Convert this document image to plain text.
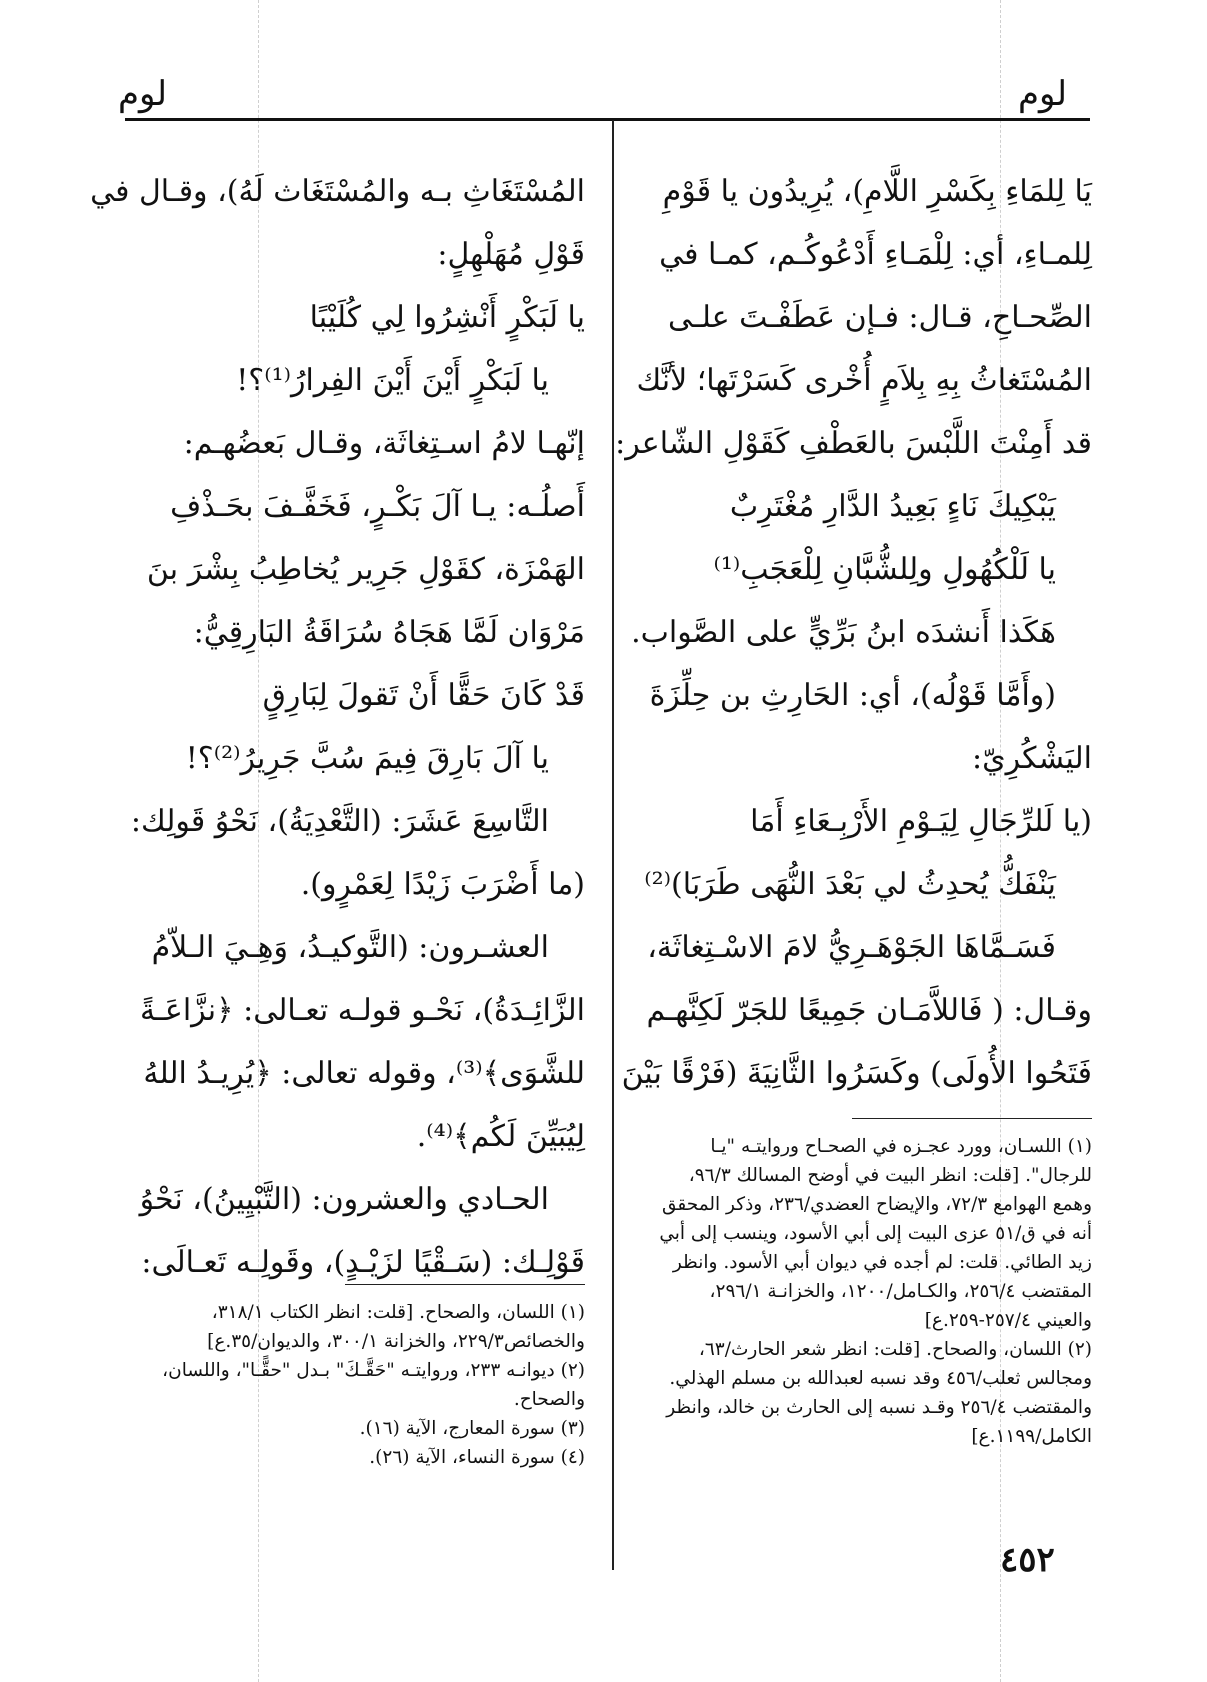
لوم	لوم
يَا لِلمَاءِ بِكَسْرِ اللَّامِ)، يُرِيدُون يا قَوْمِ
لِلمـاءِ، أي: لِلْمَـاءِ أَدْعُوكُـم، كمـا في
الصِّحـاحِ، قـال: فـإن عَطَفْـتَ علـى
المُسْتَغاثُ بِهِ بِلاَمٍ أُخْرى كَسَرْتَها؛ لأنَّك
قد أَمِنْتَ اللَّبْسَ بالعَطْفِ كَقَوْلِ الشّاعر:
يَبْكِيكَ نَاءٍ بَعِيدُ الدَّارِ مُغْتَرِبٌ
يا لَلْكُهُولِ ولِلشُّبَّانِ لِلْعَجَبِ⁽¹⁾
هَكَذا أَنشدَه ابنُ بَرِّيٍّ على الصَّواب.
(وأَمَّا قَوْلُه)، أي: الحَارِثِ بن حِلِّزَةَ
اليَشْكُرِيّ:
(يا لَلرِّجَالِ لِيَـوْمِ الأَرْبِـعَاءِ أَمَا
يَنْفَكُّ يُحدِثُ لي بَعْدَ النُّهَى طَرَبَا)⁽²⁾
فَسَـمَّاهَا الجَوْهَـرِيُّ لامَ الاسْـتِغاثَة،
وقـال: ( فَاللاَّمَـان جَمِيعًا للجَرّ لَكِنَّهـم
فَتَحُوا الأُولَى) وكَسَرُوا الثَّانِيَةَ (فَرْقًا بَيْنَ
(١) اللسـان، وورد عجـزه في الصحـاح وروايتـه "يـا للرجال". [قلت: انظر البيت في أوضح المسالك ٩٦/٣، وهمع الهوامع ٧٢/٣، والإيضاح العضدي/٢٣٦، وذكر المحقق أنه في ق/٥١ عزى البيت إلى أبي الأسود، وينسب إلى أبي زيد الطائي. قلت: لم أجده في ديوان أبي الأسود. وانظر المقتضب ٢٥٦/٤، والكـامل/١٢٠٠، والخزانـة ٢٩٦/١، والعيني ٢٥٧/٤-٢٥٩.ع]
(٢) اللسان، والصحاح. [قلت: انظر شعر الحارث/٦٣، ومجالس ثعلب/٤٥٦ وقد نسبه لعبدالله بن مسلم الهذلي. والمقتضب ٢٥٦/٤ وقـد نسبه إلى الحارث بن خالد، وانظر الكامل/١١٩٩.ع]
المُسْتَغَاثِ بـه والمُسْتَغَاث لَهُ)، وقـال في
قَوْلِ مُهَلْهِلٍ:
يا لَبَكْرٍ أَنْشِرُوا لِي كُلَيْبًا
يا لَبَكْرٍ أَيْنَ أَيْنَ الفِرارُ⁽¹⁾؟!
إنّهـا لامُ اسـتِغاثَة، وقـال بَعضُهـم:
أَصلُـه: يـا آلَ بَكْـرٍ، فَخَفَّـفَ بحَـذْفِ
الهَمْزَة، كقَوْلِ جَرِير يُخاطِبُ بِشْرَ بنَ
مَرْوَان لَمَّا هَجَاهُ سُرَاقَةُ البَارِقِيُّ:
قَدْ كَانَ حَقًّا أَنْ تَقولَ لِبَارِقٍ
يا آلَ بَارِقَ فِيمَ سُبَّ جَرِيرُ⁽²⁾؟!
التَّاسِعَ عَشَرَ: (التَّعْدِيَةُ)، نَحْوُ قَولِك:
(ما أَضْرَبَ زَيْدًا لِعَمْرٍو).
العشـرون: (التَّوكيـدُ، وَهِـيَ الـلاّمُ
الزَّائِـدَةُ)، نَحْـو قولـه تعـالى: ﴿نزَّاعَـةً
للشَّوَى﴾⁽³⁾، وقوله تعالى: ﴿يُرِيـدُ اللهُ
لِيُبَيِّنَ لَكُم﴾⁽⁴⁾.
الحـادي والعشرون: (التَّبْيِينُ)، نَحْوُ
قَوْلِـك: (سَـقْيًا لزَيْـدٍ)، وقَولِـه تَعـالَى:
(١) اللسان، والصحاح. [قلت: انظر الكتاب ٣١٨/١، والخصائص٢٢٩/٣، والخزانة ٣٠٠/١، والديوان/٣٥.ع]
(٢) ديوانـه ٢٣٣، وروايتـه "حَقَّـكَ" بـدل "حقًّـا"، واللسان، والصحاح.
(٣) سورة المعارج، الآية (١٦).
(٤) سورة النساء، الآية (٢٦).
٤٥٢
